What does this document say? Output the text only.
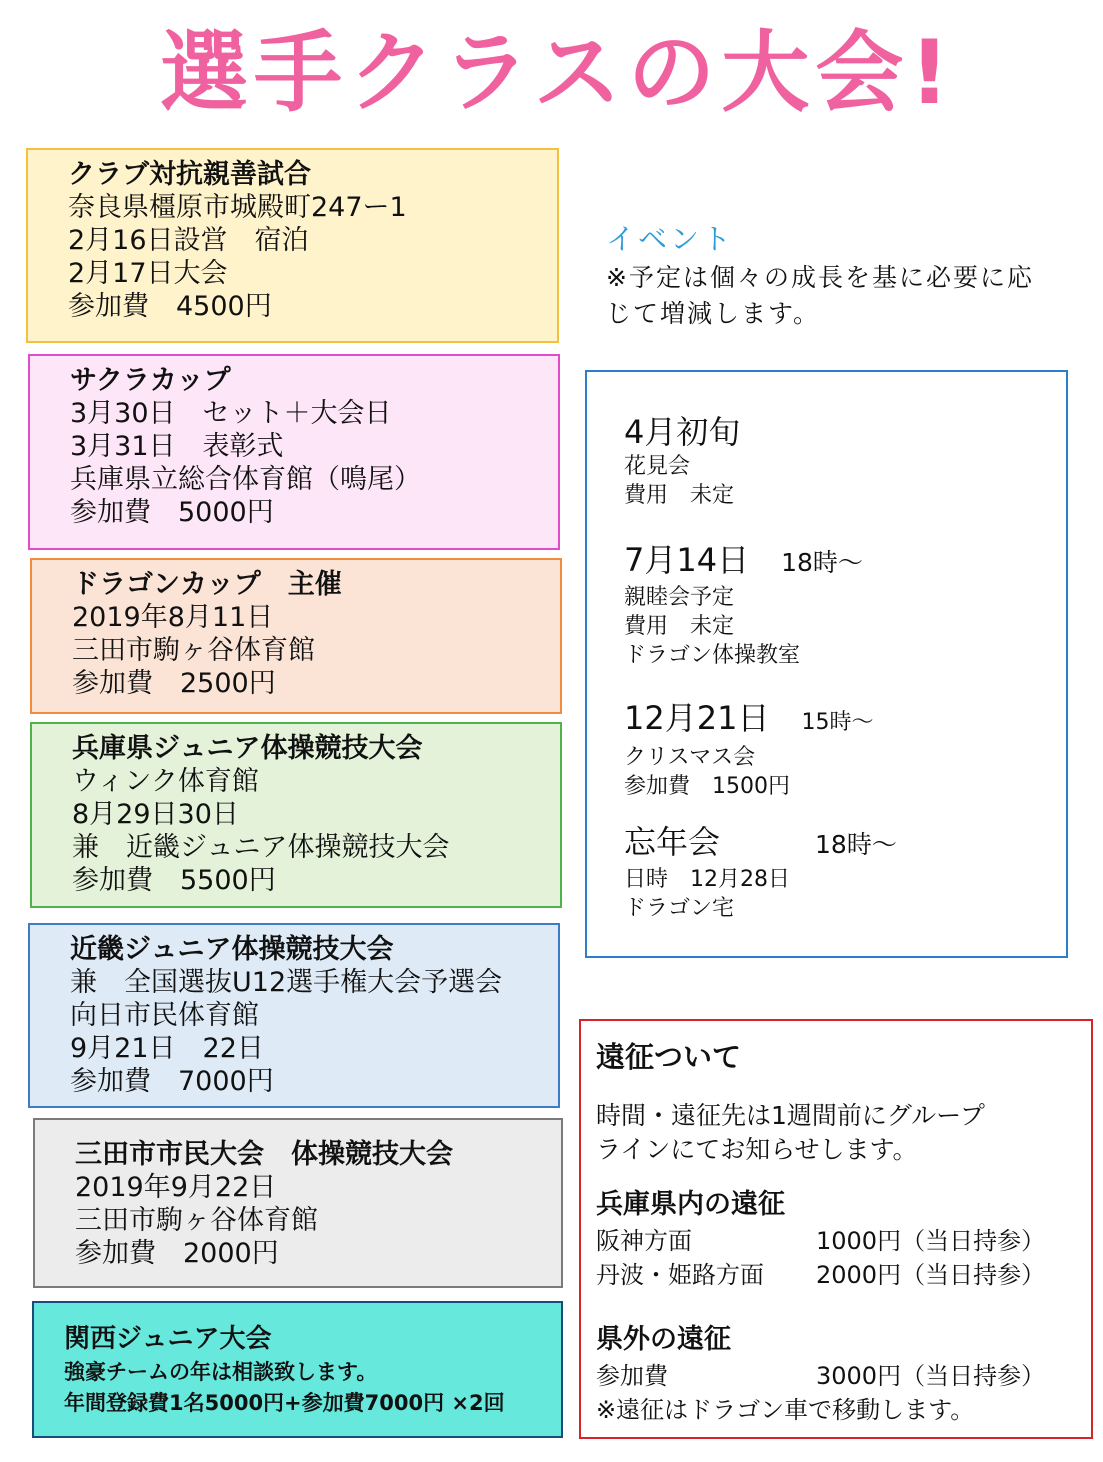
選手クラスの大会!
クラブ対抗親善試合
奈良県橿原市城殿町247ー1
2月16日設営　宿泊
2月17日大会
参加費　4500円
サクラカップ
3月30日　セット＋大会日
3月31日　表彰式
兵庫県立総合体育館（鳴尾）
参加費　5000円
ドラゴンカップ　主催
2019年8月11日
三田市駒ヶ谷体育館
参加費　2500円
兵庫県ジュニア体操競技大会
ウィンク体育館
8月29日30日
兼　近畿ジュニア体操競技大会
参加費　5500円
近畿ジュニア体操競技大会
兼　全国選抜U12選手権大会予選会
向日市民体育館
9月21日　22日
参加費　7000円
三田市市民大会　体操競技大会
2019年9月22日
三田市駒ヶ谷体育館
参加費　2000円
関西ジュニア大会
強豪チームの年は相談致します。
年間登録費1名5000円+参加費7000円 ×2回
イベント
※予定は個々の成長を基に必要に応じて増減します。
4月初旬
花見会
費用　未定
7月14日　 18時～
親睦会予定
費用　未定
ドラゴン体操教室
12月21日　 15時～
クリスマス会
参加費　1500円
忘年会	18時～
日時　12月28日
ドラゴン宅
遠征ついて
時間・遠征先は1週間前にグループ
ラインにてお知らせします。
兵庫県内の遠征
阪神方面	1000円（当日持参）
丹波・姫路方面 2000円（当日持参）
県外の遠征
参加費	3000円（当日持参）
※遠征はドラゴン車で移動します。
